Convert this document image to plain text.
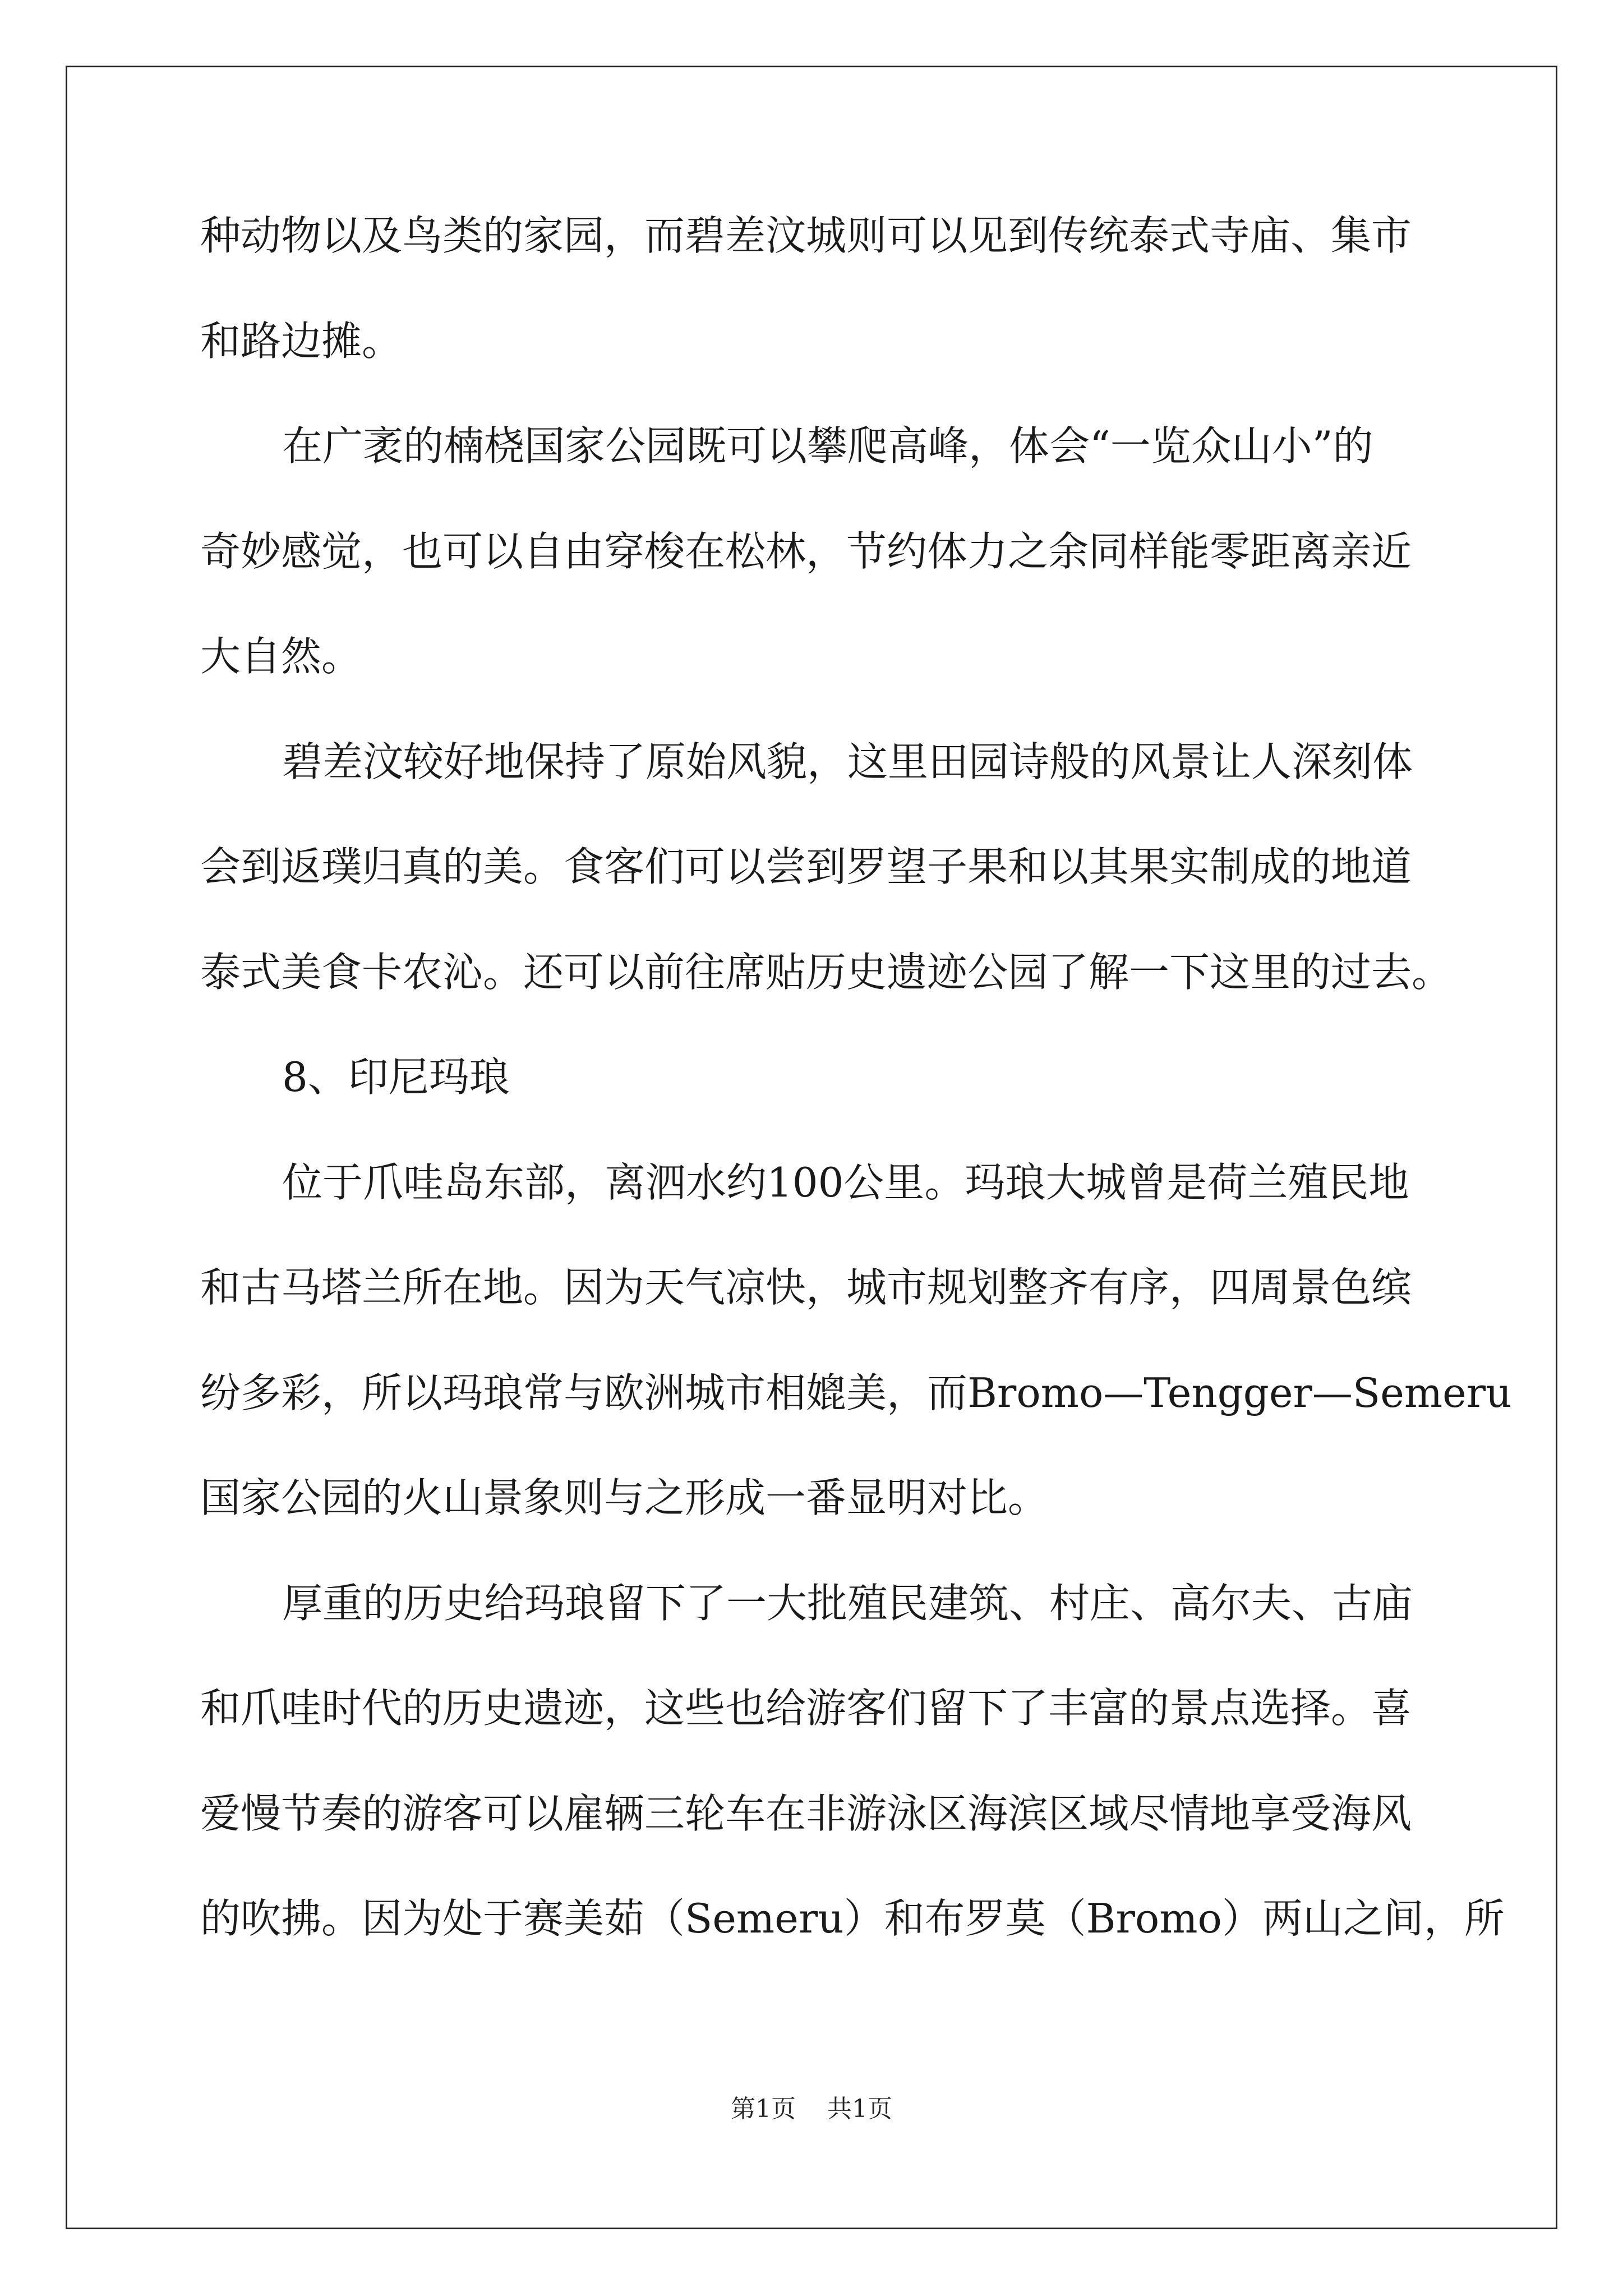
种动物以及鸟类的家园，而碧差汶城则可以见到传统泰式寺庙、集市
和路边摊。
在广袤的楠桡国家公园既可以攀爬高峰，体会“一览众山小”的
奇妙感觉，也可以自由穿梭在松林，节约体力之余同样能零距离亲近
大自然。
碧差汶较好地保持了原始风貌，这里田园诗般的风景让人深刻体
会到返璞归真的美。食客们可以尝到罗望子果和以其果实制成的地道
泰式美食卡农沁。还可以前往席贴历史遗迹公园了解一下这里的过去。
8、印尼玛琅
位于爪哇岛东部，离泗水约100公里。玛琅大城曾是荷兰殖民地
和古马塔兰所在地。因为天气凉快，城市规划整齐有序，四周景色缤
纷多彩，所以玛琅常与欧洲城市相媲美，而Bromo—Tengger—Semeru
国家公园的火山景象则与之形成一番显明对比。
厚重的历史给玛琅留下了一大批殖民建筑、村庄、高尔夫、古庙
和爪哇时代的历史遗迹，这些也给游客们留下了丰富的景点选择。喜
爱慢节奏的游客可以雇辆三轮车在非游泳区海滨区域尽情地享受海风
的吹拂。因为处于赛美茹（Semeru）和布罗莫（Bromo）两山之间，所
第1页 共1页
